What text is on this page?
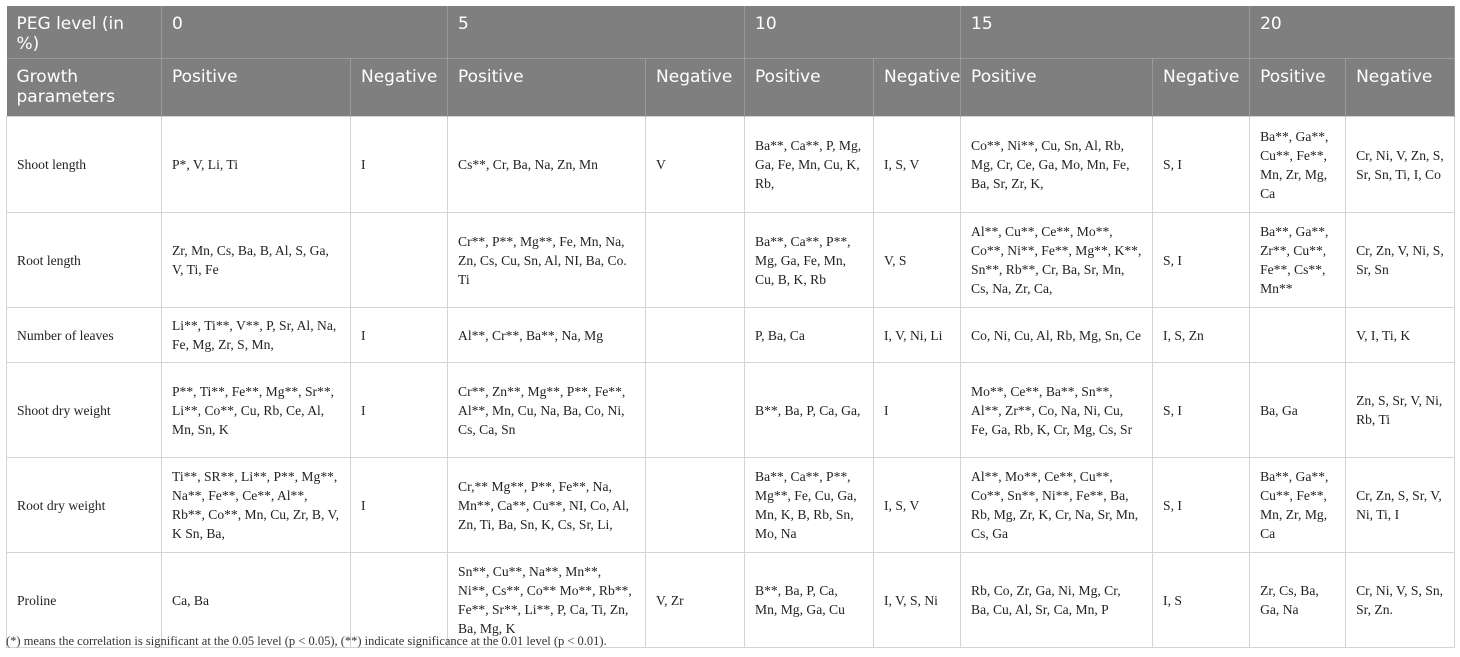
PEG level (in %)	0		5		10		15		20	
Growth
parameters	Positive	Negative	Positive	Negative	Positive	Negative	Positive	Negative	Positive	Negative
Shoot length	P*, V, Li, Ti	I	Cs**, Cr, Ba, Na, Zn, Mn	V	Ba**, Ca**, P, Mg, Ga, Fe, Mn, Cu, K, Rb,	I, S, V	Co**, Ni**, Cu, Sn, Al, Rb, Mg, Cr, Ce, Ga, Mo, Mn, Fe, Ba, Sr, Zr, K,	S, I	Ba**, Ga**, Cu**, Fe**, Mn, Zr, Mg, Ca	Cr, Ni, V, Zn, S, Sr, Sn, Ti, I, Co
Root length	Zr, Mn, Cs, Ba, B, Al, S, Ga, V, Ti, Fe		Cr**, P**, Mg**, Fe, Mn, Na, Zn, Cs, Cu, Sn, Al, NI, Ba, Co. Ti		Ba**, Ca**, P**, Mg, Ga, Fe, Mn, Cu, B, K, Rb	V, S	Al**, Cu**, Ce**, Mo**, Co**, Ni**, Fe**, Mg**, K**, Sn**, Rb**, Cr, Ba, Sr, Mn, Cs, Na, Zr, Ca,	S, I	Ba**, Ga**, Zr**, Cu**, Fe**, Cs**, Mn**	Cr, Zn, V, Ni, S, Sr, Sn
Number of leaves	Li**, Ti**, V**, P, Sr, Al, Na, Fe, Mg, Zr, S, Mn,	I	Al**, Cr**, Ba**, Na, Mg		P, Ba, Ca	I, V, Ni, Li	Co, Ni, Cu, Al, Rb, Mg, Sn, Ce	I, S, Zn		V, I, Ti, K
Shoot dry weight	P**, Ti**, Fe**, Mg**, Sr**, Li**, Co**, Cu, Rb, Ce, Al, Mn, Sn, K	I	Cr**, Zn**, Mg**, P**, Fe**, Al**, Mn, Cu, Na, Ba, Co, Ni, Cs, Ca, Sn		B**, Ba, P, Ca, Ga,	I	Mo**, Ce**, Ba**, Sn**, Al**, Zr**, Co, Na, Ni, Cu, Fe, Ga, Rb, K, Cr, Mg, Cs, Sr	S, I	Ba, Ga	Zn, S, Sr, V, Ni, Rb, Ti
Root dry weight	Ti**, SR**, Li**, P**, Mg**, Na**, Fe**, Ce**, Al**, Rb**, Co**, Mn, Cu, Zr, B, V, K Sn, Ba,	I	Cr,** Mg**, P**, Fe**, Na, Mn**, Ca**, Cu**, NI, Co, Al, Zn, Ti, Ba, Sn, K, Cs, Sr, Li,		Ba**, Ca**, P**, Mg**, Fe, Cu, Ga, Mn, K, B, Rb, Sn, Mo, Na	I, S, V	Al**, Mo**, Ce**, Cu**, Co**, Sn**, Ni**, Fe**, Ba, Rb, Mg, Zr, K, Cr, Na, Sr, Mn, Cs, Ga	S, I	Ba**, Ga**, Cu**, Fe**, Mn, Zr, Mg, Ca	Cr, Zn, S, Sr, V, Ni, Ti, I
Proline	Ca, Ba		Sn**, Cu**, Na**, Mn**, Ni**, Cs**, Co** Mo**, Rb**, Fe**, Sr**, Li**, P, Ca, Ti, Zn, Ba, Mg, K	V, Zr	B**, Ba, P, Ca, Mn, Mg, Ga, Cu	I, V, S, Ni	Rb, Co, Zr, Ga, Ni, Mg, Cr, Ba, Cu, Al, Sr, Ca, Mn, P	I, S	Zr, Cs, Ba, Ga, Na	Cr, Ni, V, S, Sn, Sr, Zn.
(*) means the correlation is significant at the 0.05 level (p < 0.05), (**) indicate significance at the 0.01 level (p < 0.01).
